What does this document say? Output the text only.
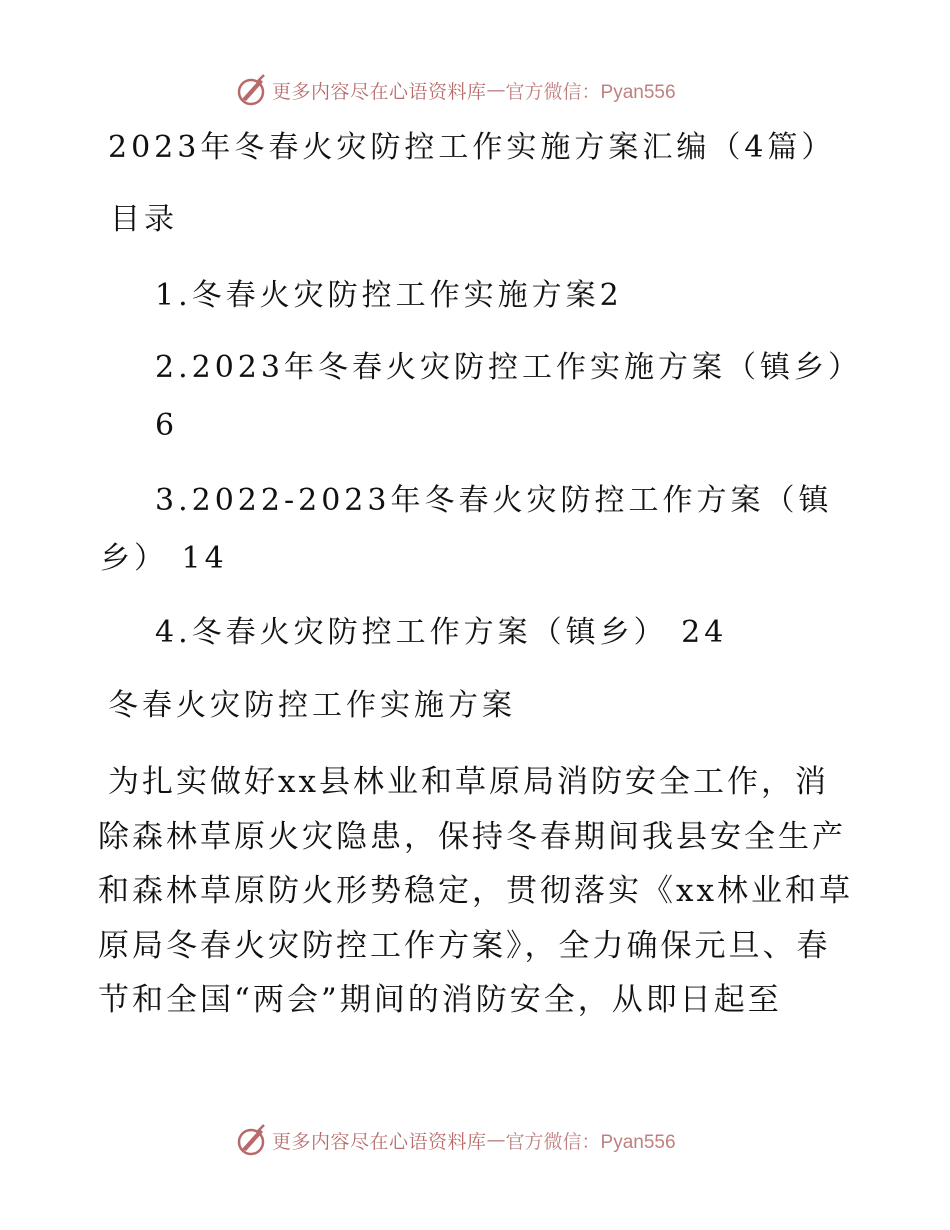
更多内容尽在心语资料库 — 官方微信：Pyan556

2023年冬春火灾防控工作实施方案汇编（4篇）

目录

1.冬春火灾防控工作实施方案2

2.2023年冬春火灾防控工作实施方案（镇乡）

6

3.2022-2023年冬春火灾防控工作方案（镇

乡） 14

4.冬春火灾防控工作方案（镇乡） 24

冬春火灾防控工作实施方案

为扎实做好xx县林业和草原局消防安全工作，消除森林草原火灾隐患，保持冬春期间我县安全生产和森林草原防火形势稳定，贯彻落实《xx林业和草原局冬春火灾防控工作方案》，全力确保元旦、春节和全国“两会”期间的消防安全，从即日起至

更多内容尽在心语资料库 — 官方微信：Pyan556
